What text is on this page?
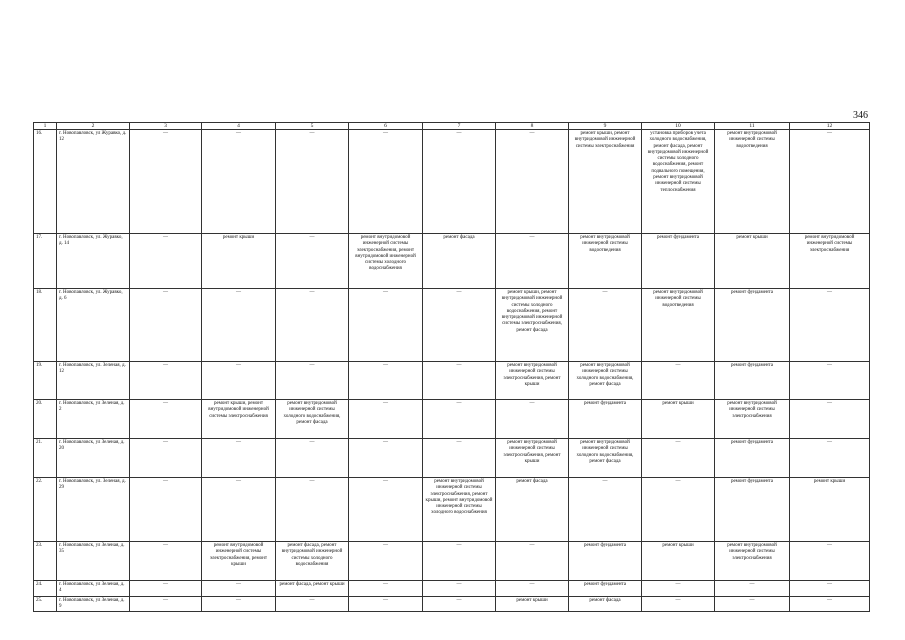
346
1	2	3	4	5	6	7	8	9	10	11	12
16.	г. Новопавловск, ул Журавко, д. 12	—	—	—	—	—	—	ремонт крыши, ремонт внутридомовой инженерной системы электроснабжения	установка приборов учета холодного водоснабжения, ремонт фасада, ремонт внутридомовой инженерной системы холодного водоснабжения, ремонт подвального помещения, ремонт внутридомовой инженерной системы теплоснабжения	ремонт внутридомовой инженерной системы водоотведения	—
17.	г. Новопавловск, ул. Журавко, д. 14	—	ремонт крыши	—	ремонт внутридомовой инженерной системы электроснабжения, ремонт внутридомовой инженерной системы холодного водоснабжения	ремонт фасада	—	ремонт внутридомовой инженерной системы водоотведения	ремонт фундамента	ремонт крыши	ремонт внутридомовой инженерной системы электроснабжения
18.	г. Новопавловск, ул. Журавко, д. 6	—	—	—	—	—	ремонт крыши, ремонт внутридомовой инженерной системы холодного водоснабжения, ремонт внутридомовой инженерной системы электроснабжения, ремонт фасада	—	ремонт внутридомовой инженерной системы водоотведения	ремонт фундамента	—
19.	г. Новопавловск, ул. Зеленая, д. 12	—	—	—	—	—	ремонт внутридомовой инженерной системы электроснабжения, ремонт крыши	ремонт внутридомовой инженерной системы холодного водоснабжения, ремонт фасада	—	ремонт фундамента	—
20.	г. Новопавловск, ул Зеленая, д. 2	—	ремонт крыши, ремонт внутридомовой инженерной системы электроснабжения	ремонт внутридомовой инженерной системы холодного водоснабжения, ремонт фасада	—	—	—	ремонт фундамента	ремонт крыши	ремонт внутридомовой инженерной системы электроснабжения	—
21.	г. Новопавловск, ул Зеленая, д. 20	—	—	—	—	—	ремонт внутридомовой инженерной системы электроснабжения, ремонт крыши	ремонт внутридомовой инженерной системы холодного водоснабжения, ремонт фасада	—	ремонт фундамента	—
22.	г. Новопавловск, ул. Зеленая, д. 29	—	—	—	—	ремонт внутридомовой инженерной системы электроснабжения, ремонт крыши, ремонт внутридомовой инженерной системы холодного водоснабжения	ремонт фасада	—	—	ремонт фундамента	ремонт крыши
23.	г. Новопавловск, ул Зеленая, д. 35	—	ремонт внутридомовой инженерной системы электроснабжения, ремонт крыши	ремонт фасада, ремонт внутридомовой инженерной системы холодного водоснабжения	—	—	—	ремонт фундамента	ремонт крыши	ремонт внутридомовой инженерной системы электроснабжения	—
24.	г. Новопавловск, ул Зеленая, д. 4	—	—	ремонт фасада, ремонт крыши	—	—	—	ремонт фундамента	—	—	—
25.	г. Новопавловск, ул Зеленая, д. 9	—	—	—	—	—	ремонт крыши	ремонт фасада	—	—	—
